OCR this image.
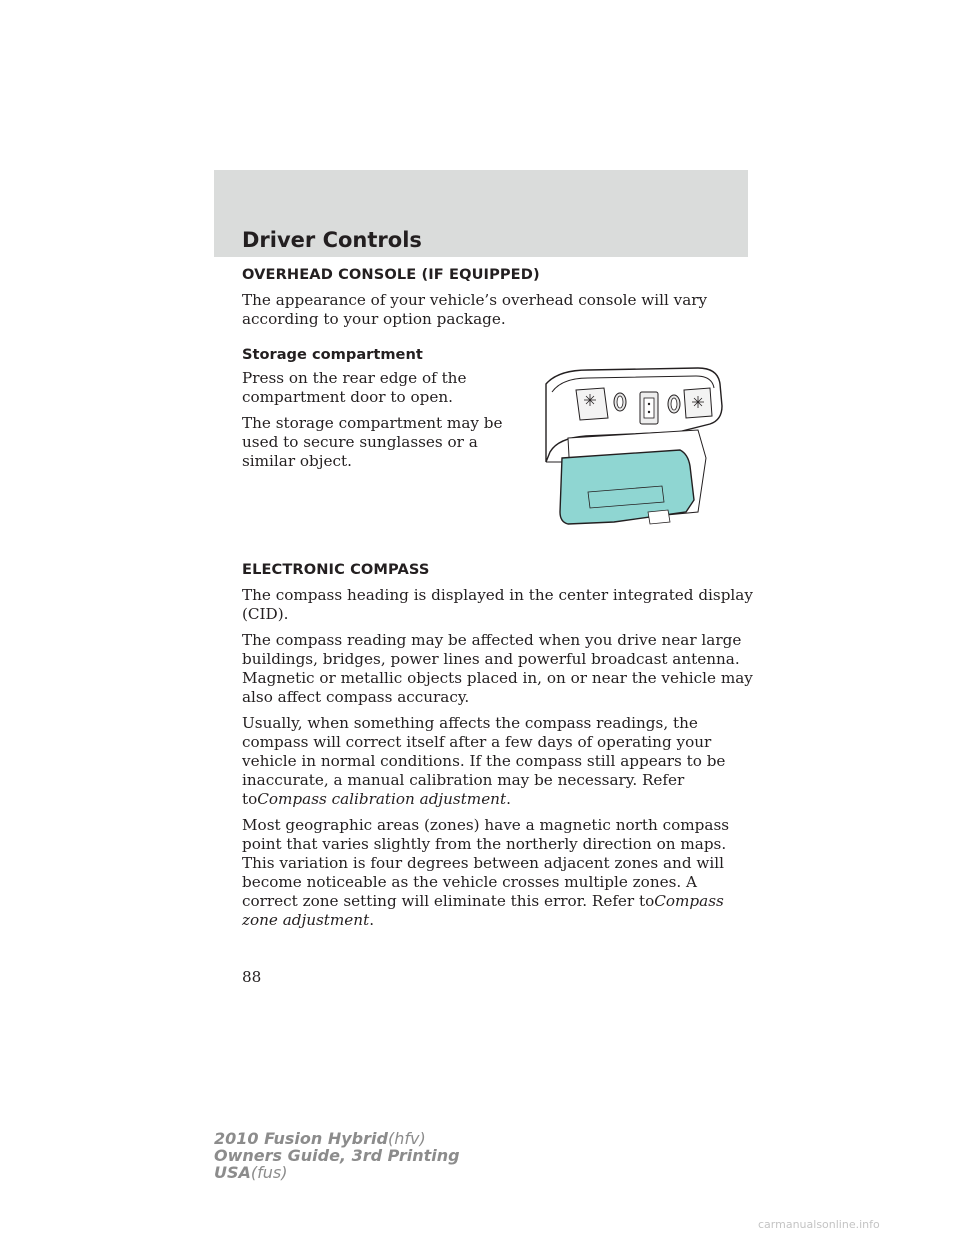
Driver Controls
OVERHEAD CONSOLE (IF EQUIPPED)

The appearance of your vehicle’s overhead console will vary according to your option package.

Storage compartment

Press on the rear edge of the compartment door to open.

The storage compartment may be used to secure sunglasses or a similar object.

ELECTRONIC COMPASS

The compass heading is displayed in the center integrated display (CID).

The compass reading may be affected when you drive near large buildings, bridges, power lines and powerful broadcast antenna. Magnetic or metallic objects placed in, on or near the vehicle may also affect compass accuracy.

Usually, when something affects the compass readings, the compass will correct itself after a few days of operating your vehicle in normal conditions. If the compass still appears to be inaccurate, a manual calibration may be necessary. Refer toCompass calibration adjustment.

Most geographic areas (zones) have a magnetic north compass point that varies slightly from the northerly direction on maps. This variation is four degrees between adjacent zones and will become noticeable as the vehicle crosses multiple zones. A correct zone setting will eliminate this error. Refer toCompass zone adjustment.

88
2010 Fusion Hybrid(hfv)
Owners Guide, 3rd Printing
USA(fus)
carmanualsonline.info
